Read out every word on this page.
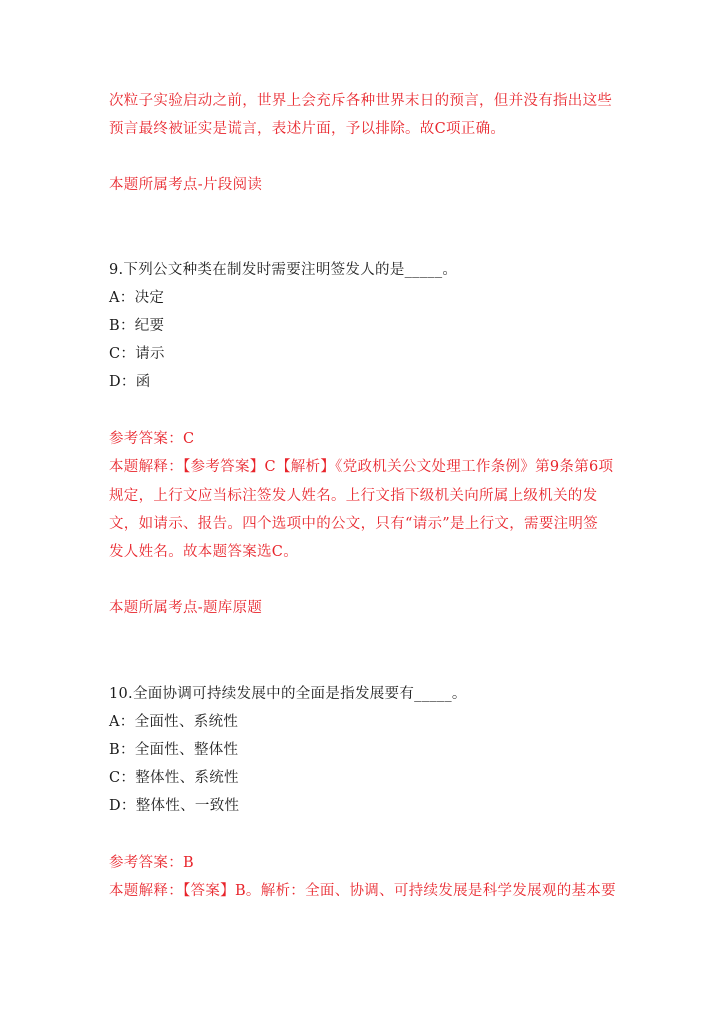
次粒子实验启动之前，世界上会充斥各种世界末日的预言，但并没有指出这些
预言最终被证实是谎言，表述片面，予以排除。故C项正确。
本题所属考点-片段阅读
9.下列公文种类在制发时需要注明签发人的是_____。
A：决定
B：纪要
C：请示
D：函
参考答案：C
本题解释：【参考答案】C【解析】《党政机关公文处理工作条例》第9条第6项
规定，上行文应当标注签发人姓名。上行文指下级机关向所属上级机关的发
文，如请示、报告。四个选项中的公文，只有“请示”是上行文，需要注明签
发人姓名。故本题答案选C。
本题所属考点-题库原题
10.全面协调可持续发展中的全面是指发展要有_____。
A：全面性、系统性
B：全面性、整体性
C：整体性、系统性
D：整体性、一致性
参考答案：B
本题解释：【答案】B。解析：全面、协调、可持续发展是科学发展观的基本要
